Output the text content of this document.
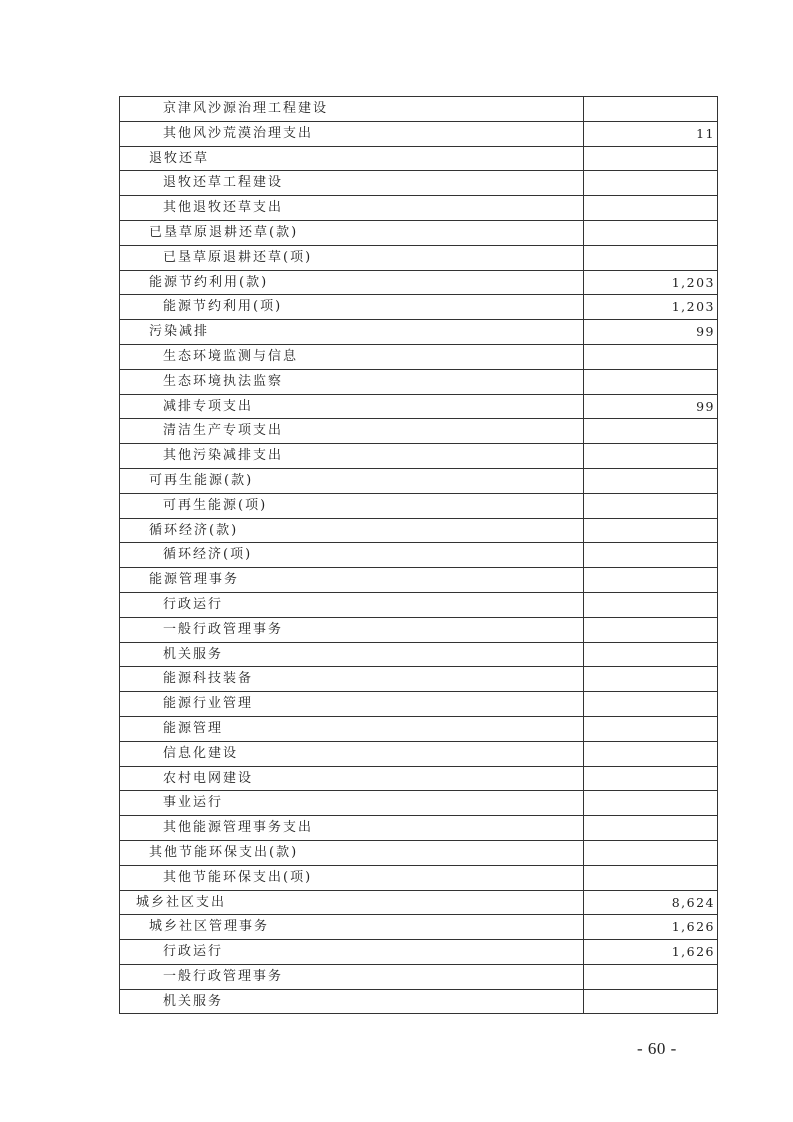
京津风沙源治理工程建设	
其他风沙荒漠治理支出	11
退牧还草	
退牧还草工程建设	
其他退牧还草支出	
已垦草原退耕还草(款)	
已垦草原退耕还草(项)	
能源节约利用(款)	1,203
能源节约利用(项)	1,203
污染减排	99
生态环境监测与信息	
生态环境执法监察	
减排专项支出	99
清洁生产专项支出	
其他污染减排支出	
可再生能源(款)	
可再生能源(项)	
循环经济(款)	
循环经济(项)	
能源管理事务	
行政运行	
一般行政管理事务	
机关服务	
能源科技装备	
能源行业管理	
能源管理	
信息化建设	
农村电网建设	
事业运行	
其他能源管理事务支出	
其他节能环保支出(款)	
其他节能环保支出(项)	
城乡社区支出	8,624
城乡社区管理事务	1,626
行政运行	1,626
一般行政管理事务	
机关服务	
- 60 -
